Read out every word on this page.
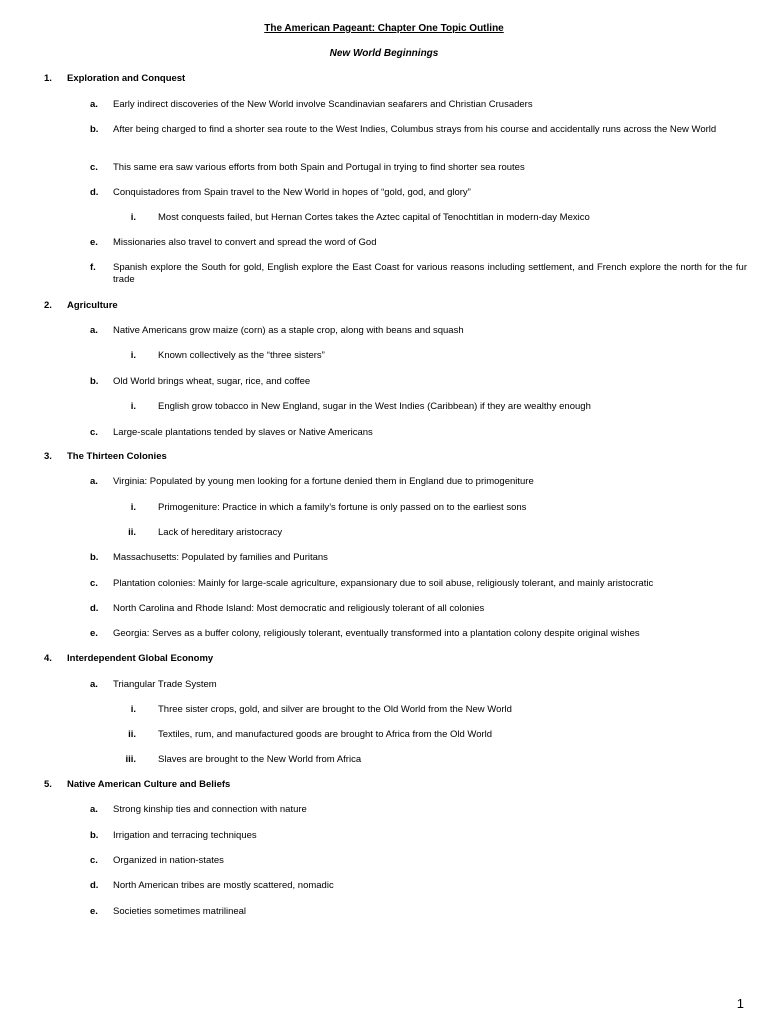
The American Pageant: Chapter One Topic Outline
New World Beginnings
1.	Exploration and Conquest
a.	Early indirect discoveries of the New World involve Scandinavian seafarers and Christian Crusaders
b.	After being charged to find a shorter sea route to the West Indies, Columbus strays from his course and accidentally runs across the New World
c.	This same era saw various efforts from both Spain and Portugal in trying to find shorter sea routes
d.	Conquistadores from Spain travel to the New World in hopes of “gold, god, and glory”
i. Most conquests failed, but Hernan Cortes takes the Aztec capital of Tenochtitlan in modern-day Mexico
e.	Missionaries also travel to convert and spread the word of God
f.	Spanish explore the South for gold, English explore the East Coast for various reasons including settlement, and French explore the north for the fur trade
2.	Agriculture
a.	Native Americans grow maize (corn) as a staple crop, along with beans and squash
i. Known collectively as the “three sisters”
b.	Old World brings wheat, sugar, rice, and coffee
i. English grow tobacco in New England, sugar in the West Indies (Caribbean) if they are wealthy enough
c.	Large-scale plantations tended by slaves or Native Americans
3.	The Thirteen Colonies
a.	Virginia: Populated by young men looking for a fortune denied them in England due to primogeniture
i. Primogeniture: Practice in which a family’s fortune is only passed on to the earliest sons
ii. Lack of hereditary aristocracy
b.	Massachusetts: Populated by families and Puritans
c.	Plantation colonies: Mainly for large-scale agriculture, expansionary due to soil abuse, religiously tolerant, and mainly aristocratic
d.	North Carolina and Rhode Island: Most democratic and religiously tolerant of all colonies
e.	Georgia: Serves as a buffer colony, religiously tolerant, eventually transformed into a plantation colony despite original wishes
4.	Interdependent Global Economy
a.	Triangular Trade System
i. Three sister crops, gold, and silver are brought to the Old World from the New World
ii. Textiles, rum, and manufactured goods are brought to Africa from the Old World
iii. Slaves are brought to the New World from Africa
5.	Native American Culture and Beliefs
a.	Strong kinship ties and connection with nature
b.	Irrigation and terracing techniques
c.	Organized in nation-states
d.	North American tribes are mostly scattered, nomadic
e.	Societies sometimes matrilineal
1
